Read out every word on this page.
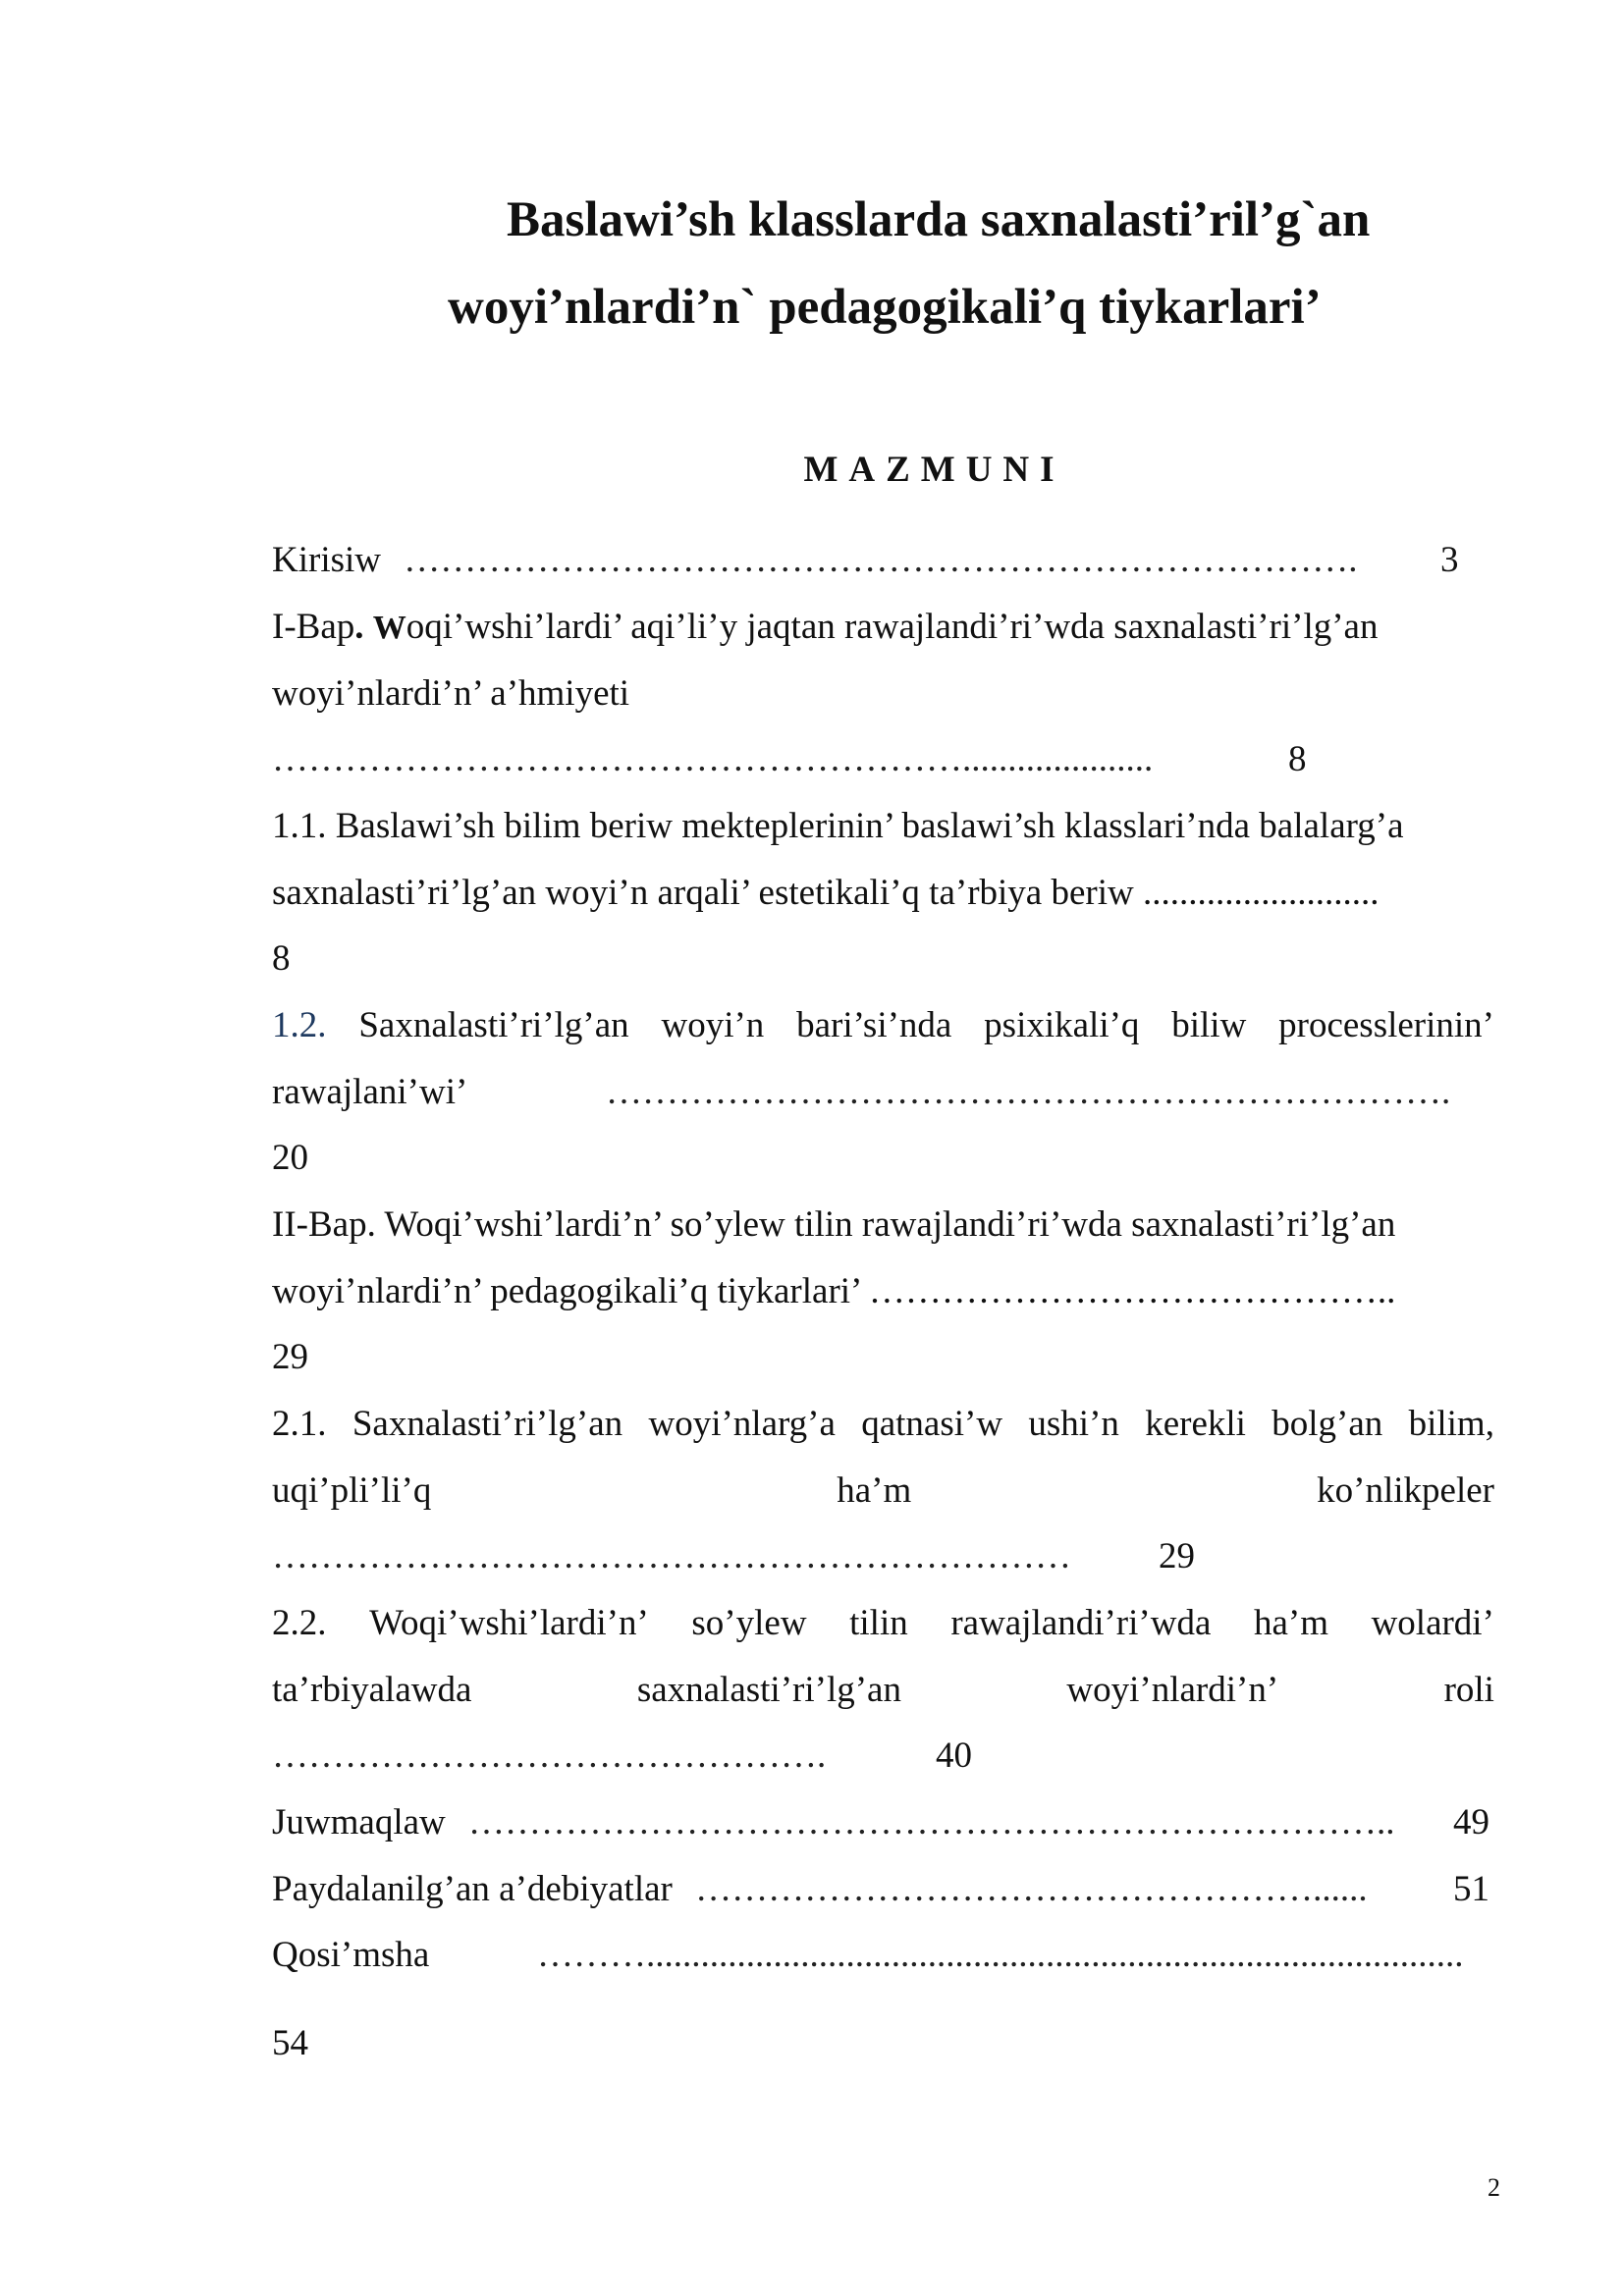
Baslawi’sh klasslarda saxnalasti’ril’g`an
woyi’nlardi’n` pedagogikali’q tiykarlari’
MAZMUNI
Kirisiw ……………………………………………………………………. 3
I-Bap. Woqi’wshi’lardi’ aqi’li’y jaqtan rawajlandi’ri’wda saxnalasti’ri’lg’an
woyi’nlardi’n’ a’hmiyeti
………………………………………………….....................	8
1.1. Baslawi’sh bilim beriw mekteplerinin’ baslawi’sh klasslari’nda balalarg’a
saxnalasti’ri’lg’an woyi’n arqali’ estetikali’q ta’rbiya beriw ..........................
8
1.2. Saxnalasti’ri’lg’an woyi’n bari’si’nda psixikali’q biliw processlerinin’
rawajlani’wi’	…………………………………………………………….
20
II-Bap. Woqi’wshi’lardi’n’ so’ylew tilin rawajlandi’ri’wda saxnalasti’ri’lg’an
woyi’nlardi’n’ pedagogikali’q tiykarlari’ ……………………………………..
29
2.1. Saxnalasti’ri’lg’an woyi’nlarg’a qatnasi’w ushi’n kerekli bolg’an bilim,
uqi’pli’li’q	ha’m	ko’nlikpeler
………………………………………………………… 29
2.2. Woqi’wshi’lardi’n’ so’ylew tilin rawajlandi’ri’wda ha’m wolardi’
ta’rbiyalawda	saxnalasti’ri’lg’an	woyi’nlardi’n’	roli
……………………………………….	40
Juwmaqlaw ………………………………………………………………….. 49
Paydalanilg’an a’debiyatlar ……………………………………………...... 51
Qosi’msha	………..........................................................................................
54
2
